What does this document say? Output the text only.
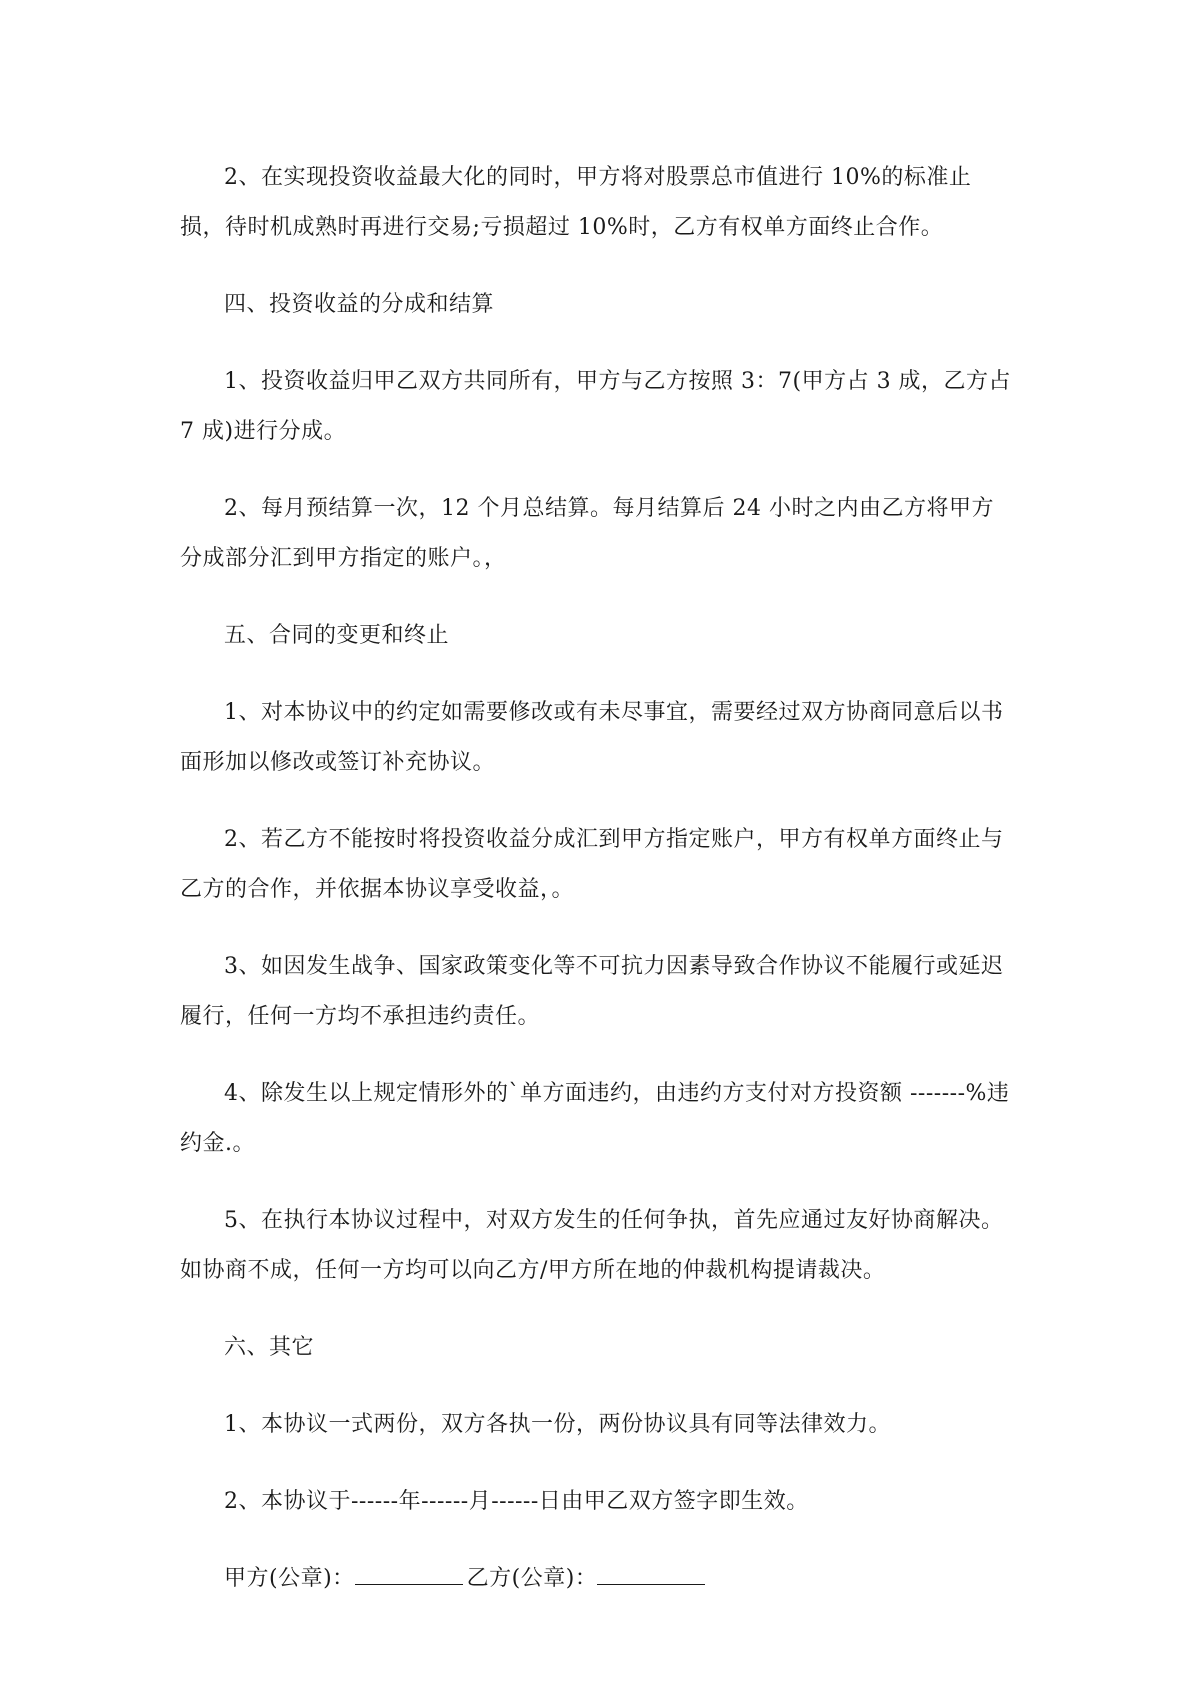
2、在实现投资收益最大化的同时，甲方将对股票总市值进行 10%的标准止损，待时机成熟时再进行交易;亏损超过 10%时，乙方有权单方面终止合作。

四、投资收益的分成和结算

1、投资收益归甲乙双方共同所有，甲方与乙方按照 3：7(甲方占 3 成，乙方占 7 成)进行分成。

2、每月预结算一次，12 个月总结算。每月结算后 24 小时之内由乙方将甲方分成部分汇到甲方指定的账户。，

五、合同的变更和终止

1、对本协议中的约定如需要修改或有未尽事宜，需要经过双方协商同意后以书面形加以修改或签订补充协议。

2、若乙方不能按时将投资收益分成汇到甲方指定账户，甲方有权单方面终止与乙方的合作，并依据本协议享受收益，。

3、如因发生战争、国家政策变化等不可抗力因素导致合作协议不能履行或延迟履行，任何一方均不承担违约责任。

4、除发生以上规定情形外的`单方面违约，由违约方支付对方投资额 -------%违约金.。

5、在执行本协议过程中，对双方发生的任何争执，首先应通过友好协商解决。如协商不成，任何一方均可以向乙方/甲方所在地的仲裁机构提请裁决。

六、其它

1、本协议一式两份，双方各执一份，两份协议具有同等法律效力。

2、本协议于------年------月------日由甲乙双方签字即生效。

甲方(公章)：	乙方(公章)：
